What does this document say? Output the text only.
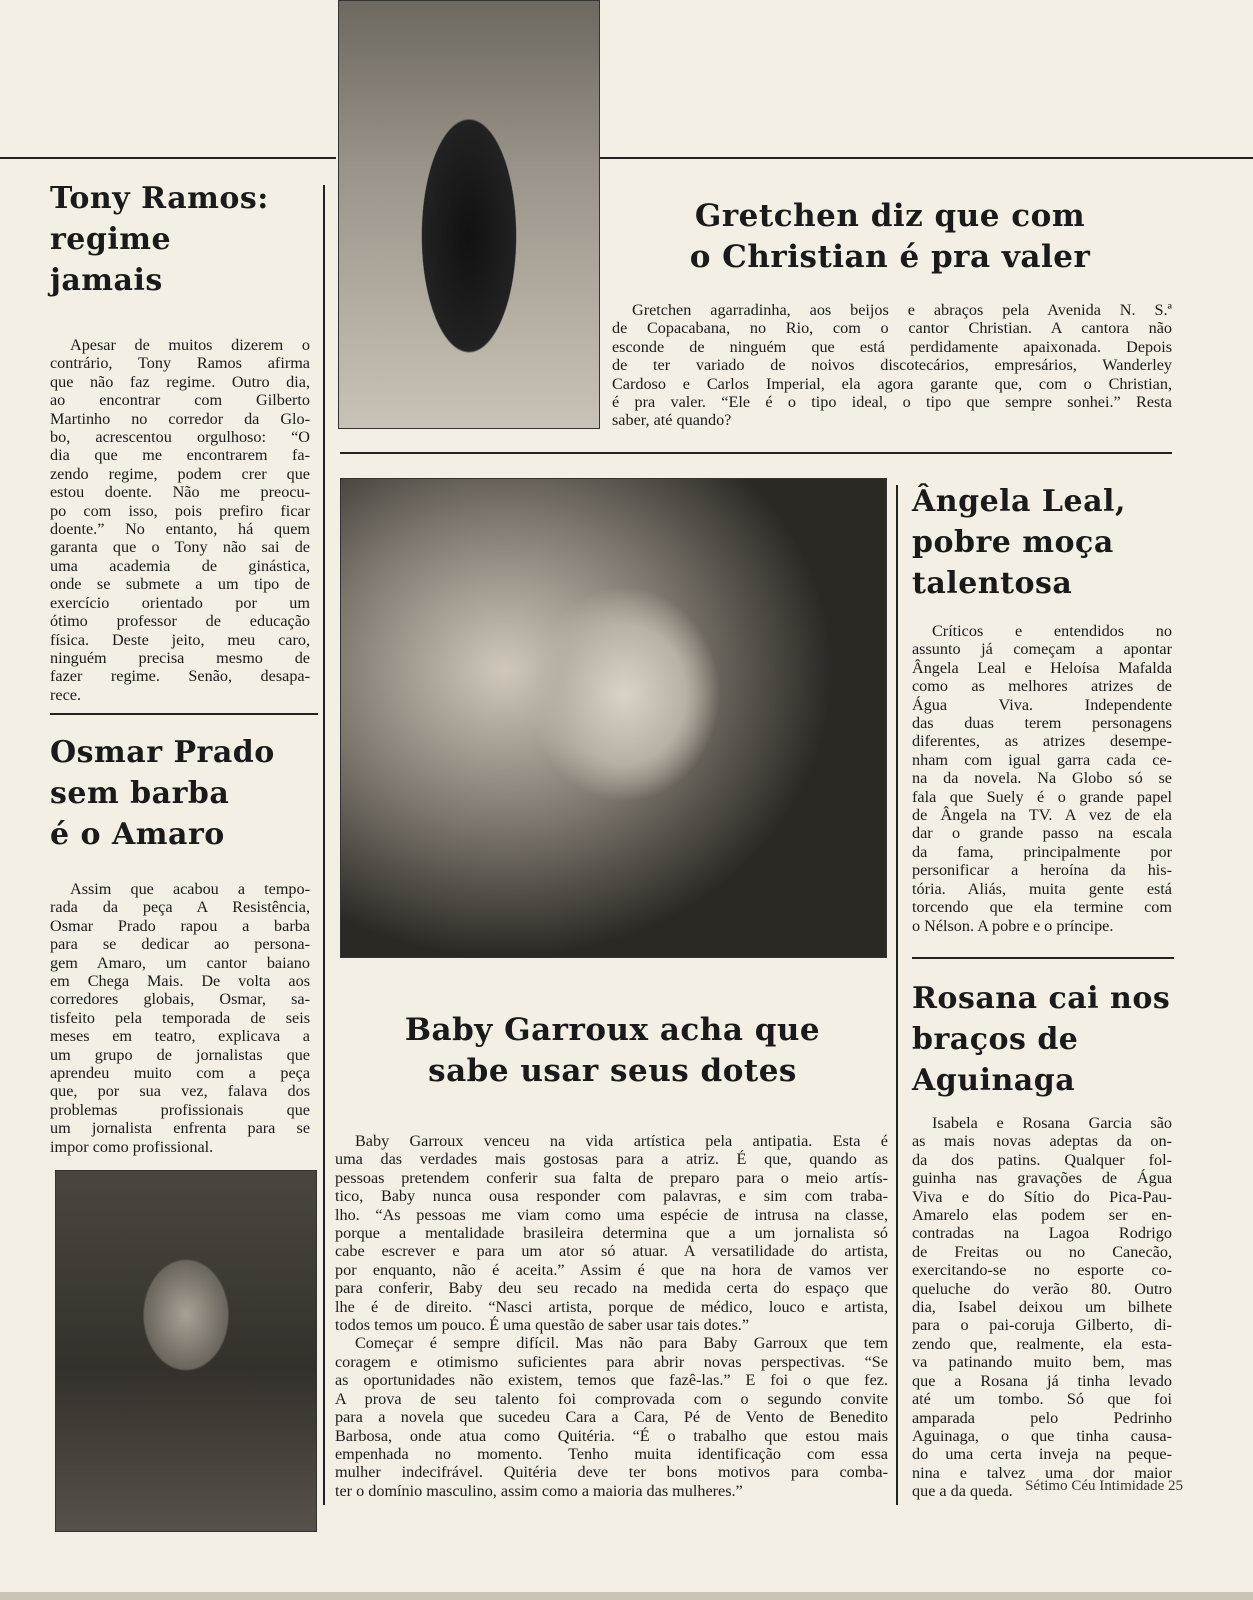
Tony Ramos:
regime
jamais
Apesar de muitos dizerem o
contrário, Tony Ramos afirma
que não faz regime. Outro dia,
ao encontrar com Gilberto
Martinho no corredor da Glo-
bo, acrescentou orgulhoso: “O
dia que me encontrarem fa-
zendo regime, podem crer que
estou doente. Não me preocu-
po com isso, pois prefiro ficar
doente.” No entanto, há quem
garanta que o Tony não sai de
uma academia de ginástica,
onde se submete a um tipo de
exercício orientado por um
ótimo professor de educação
física. Deste jeito, meu caro,
ninguém precisa mesmo de
fazer regime. Senão, desapa-
rece.
Osmar Prado
sem barba
é o Amaro
Assim que acabou a tempo-
rada da peça A Resistência,
Osmar Prado rapou a barba
para se dedicar ao persona-
gem Amaro, um cantor baiano
em Chega Mais. De volta aos
corredores globais, Osmar, sa-
tisfeito pela temporada de seis
meses em teatro, explicava a
um grupo de jornalistas que
aprendeu muito com a peça
que, por sua vez, falava dos
problemas profissionais que
um jornalista enfrenta para se
impor como profissional.
Gretchen diz que com
o Christian é pra valer
Gretchen agarradinha, aos beijos e abraços pela Avenida N. S.ª
de Copacabana, no Rio, com o cantor Christian. A cantora não
esconde de ninguém que está perdidamente apaixonada. Depois
de ter variado de noivos discotecários, empresários, Wanderley
Cardoso e Carlos Imperial, ela agora garante que, com o Christian,
é pra valer. “Ele é o tipo ideal, o tipo que sempre sonhei.” Resta
saber, até quando?
Ângela Leal,
pobre moça
talentosa
Críticos e entendidos no
assunto já começam a apontar
Ângela Leal e Heloísa Mafalda
como as melhores atrizes de
Água Viva. Independente
das duas terem personagens
diferentes, as atrizes desempe-
nham com igual garra cada ce-
na da novela. Na Globo só se
fala que Suely é o grande papel
de Ângela na TV. A vez de ela
dar o grande passo na escala
da fama, principalmente por
personificar a heroína da his-
tória. Aliás, muita gente está
torcendo que ela termine com
o Nélson. A pobre e o príncipe.
Baby Garroux acha que
sabe usar seus dotes
Baby Garroux venceu na vida artística pela antipatia. Esta é
uma das verdades mais gostosas para a atriz. É que, quando as
pessoas pretendem conferir sua falta de preparo para o meio artís-
tico, Baby nunca ousa responder com palavras, e sim com traba-
lho. “As pessoas me viam como uma espécie de intrusa na classe,
porque a mentalidade brasileira determina que a um jornalista só
cabe escrever e para um ator só atuar. A versatilidade do artista,
por enquanto, não é aceita.” Assim é que na hora de vamos ver
para conferir, Baby deu seu recado na medida certa do espaço que
lhe é de direito. “Nasci artista, porque de médico, louco e artista,
todos temos um pouco. É uma questão de saber usar tais dotes.”
Começar é sempre difícil. Mas não para Baby Garroux que tem
coragem e otimismo suficientes para abrir novas perspectivas. “Se
as oportunidades não existem, temos que fazê-las.” E foi o que fez.
A prova de seu talento foi comprovada com o segundo convite
para a novela que sucedeu Cara a Cara, Pé de Vento de Benedito
Barbosa, onde atua como Quitéria. “É o trabalho que estou mais
empenhada no momento. Tenho muita identificação com essa
mulher indecifrável. Quitéria deve ter bons motivos para comba-
ter o domínio masculino, assim como a maioria das mulheres.”
Rosana cai nos
braços de
Aguinaga
Isabela e Rosana Garcia são
as mais novas adeptas da on-
da dos patins. Qualquer fol-
guinha nas gravações de Água
Viva e do Sítio do Pica-Pau-
Amarelo elas podem ser en-
contradas na Lagoa Rodrigo
de Freitas ou no Canecão,
exercitando-se no esporte co-
queluche do verão 80. Outro
dia, Isabel deixou um bilhete
para o pai-coruja Gilberto, di-
zendo que, realmente, ela esta-
va patinando muito bem, mas
que a Rosana já tinha levado
até um tombo. Só que foi
amparada pelo Pedrinho
Aguinaga, o que tinha causa-
do uma certa inveja na peque-
nina e talvez uma dor maior
que a da queda. Sétimo Céu Intimidade 25
